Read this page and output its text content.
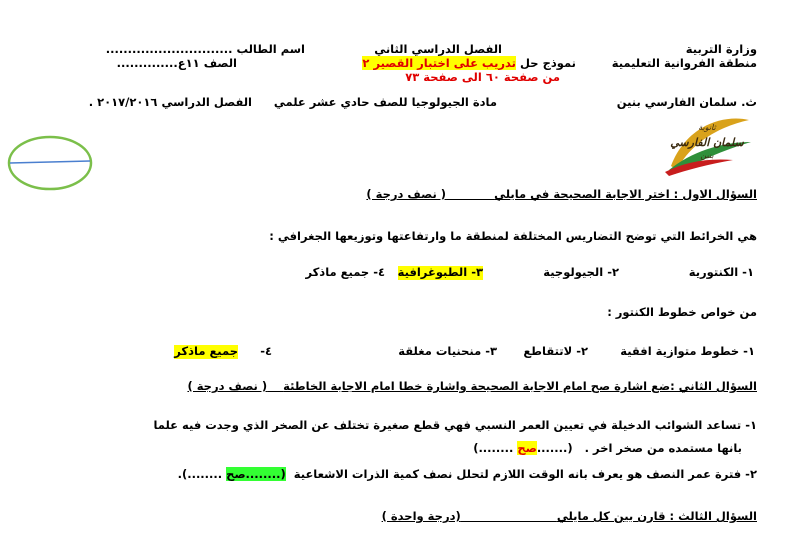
وزارة التربية
منطقة الفروانية التعليمية
ث. سلمان الفارسي بنين
الفصل الدراسي الثاني
نموذج حل تدريب على اختبار القصير ٢
من صفحة ٦٠ الى صفحة ٧٣
مادة الجيولوجيا للصف حادي عشر علمي
اسم الطالب .............................
الصف ١١ع..............
الفصل الدراسي ٢٠١٧/٢٠١٦ .
ثانوية
سلمان الفارسي
بنين
السؤال الاول : اختر الاجابة الصحيحة في مايلي            ( نصف درجة )
هي الخرائط التي توضح التضاريس المختلفة لمنطقة ما وارتفاعتها وتوزيعها الجغرافي :
١- الكنتورية
٢- الجيولوجية
٣- الطبوغرافية
٤- جميع ماذكر
من خواص خطوط الكنتور :
١- خطوط متوازية افقية
٢- لاتتقاطع
٣- منحنيات مغلقة
٤-
جميع ماذكر
السؤال الثاني :ضع اشارة صح امام الاجابة الصحيحة واشارة خطا امام الاجابة الخاطئة    ( نصف درجة )
١- تساعد الشوائب الدخيلة في تعيين العمر النسبي فهي قطع صغيرة تختلف عن الصخر الذي وجدت فيه علما
بانها مستمده من صخر اخر .   (.......صح ........)
٢- فترة عمر النصف هو يعرف بانه الوقت اللازم لتحلل نصف كمية الذرات الاشعاعية  (........صح ........).
السؤال الثالث : قارن بين كل مايلي                        (درجة واحدة )
